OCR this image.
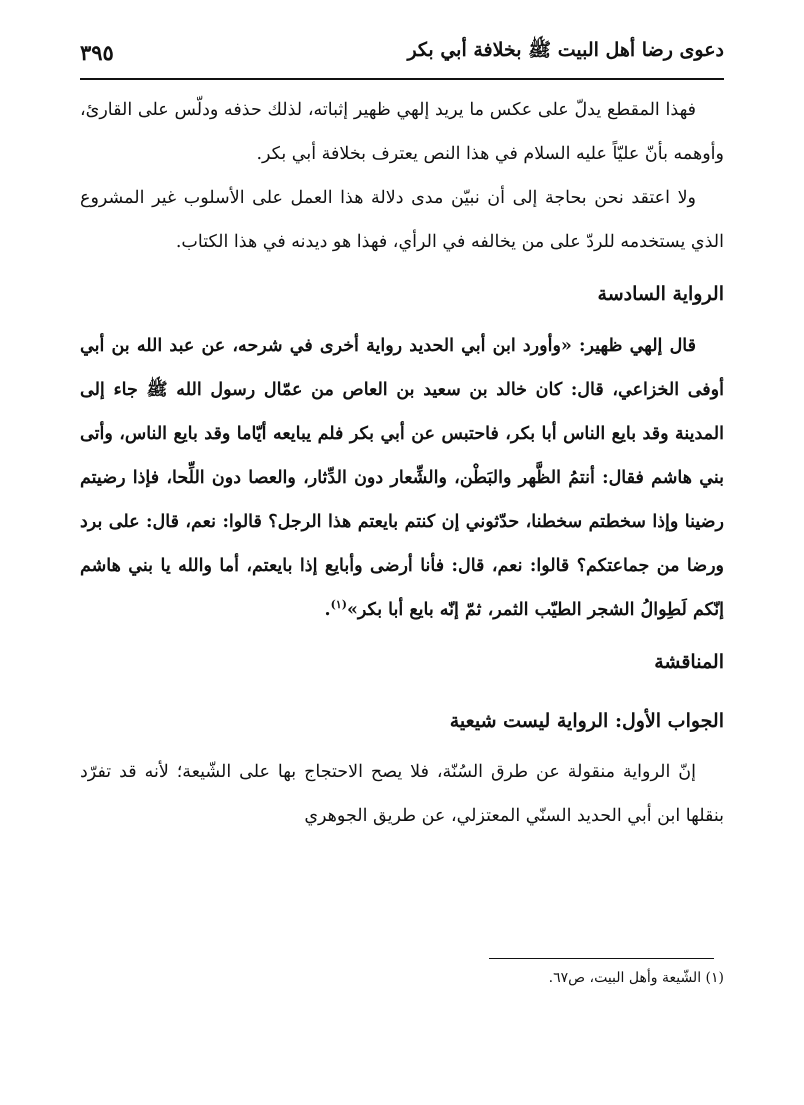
دعوى رضا أهل البيت ﷺ بخلافة أبي بكر
٣٩٥

فهذا المقطع يدلّ على عكس ما يريد إلهي ظهير إثباته، لذلك حذفه ودلّس على القارئ، وأوهمه بأنّ عليّاً عليه السلام في هذا النص يعترف بخلافة أبي بكر.

ولا اعتقد نحن بحاجة إلى أن نبيّن مدى دلالة هذا العمل على الأسلوب غير المشروع الذي يستخدمه للردّ على من يخالفه في الرأي، فهذا هو ديدنه في هذا الكتاب.

الرواية السادسة

قال إلهي ظهير: «وأورد ابن أبي الحديد رواية أخرى في شرحه، عن عبد الله بن أبي أوفى الخزاعي، قال: كان خالد بن سعيد بن العاص من عمّال رسول الله ﷺ جاء إلى المدينة وقد بايع الناس أبا بكر، فاحتبس عن أبي بكر فلم يبايعه أيّاما وقد بايع الناس، وأتى بني هاشم فقال: أنتمُ الظَّهر والبَطْن، والشِّعار دون الدِّثار، والعصا دون اللِّحا، فإذا رضيتم رضينا وإذا سخطتم سخطنا، حدّثوني إن كنتم بايعتم هذا الرجل؟ قالوا: نعم، قال: على برد ورضا من جماعتكم؟ قالوا: نعم، قال: فأنا أرضى وأبايع إذا بايعتم، أما والله يا بني هاشم إنّكم لَطِوالُ الشجر الطيّب الثمر، ثمّ إنّه بايع أبا بكر»$^{(١)}$.

المناقشة
الجواب الأول: الرواية ليست شيعية

إنّ الرواية منقولة عن طرق السُنّة، فلا يصح الاحتجاج بها على الشّيعة؛ لأنه قد تفرّد بنقلها ابن أبي الحديد السنّي المعتزلي، عن طريق الجوهري

(١) الشّيعة وأهل البيت، ص٦٧.
